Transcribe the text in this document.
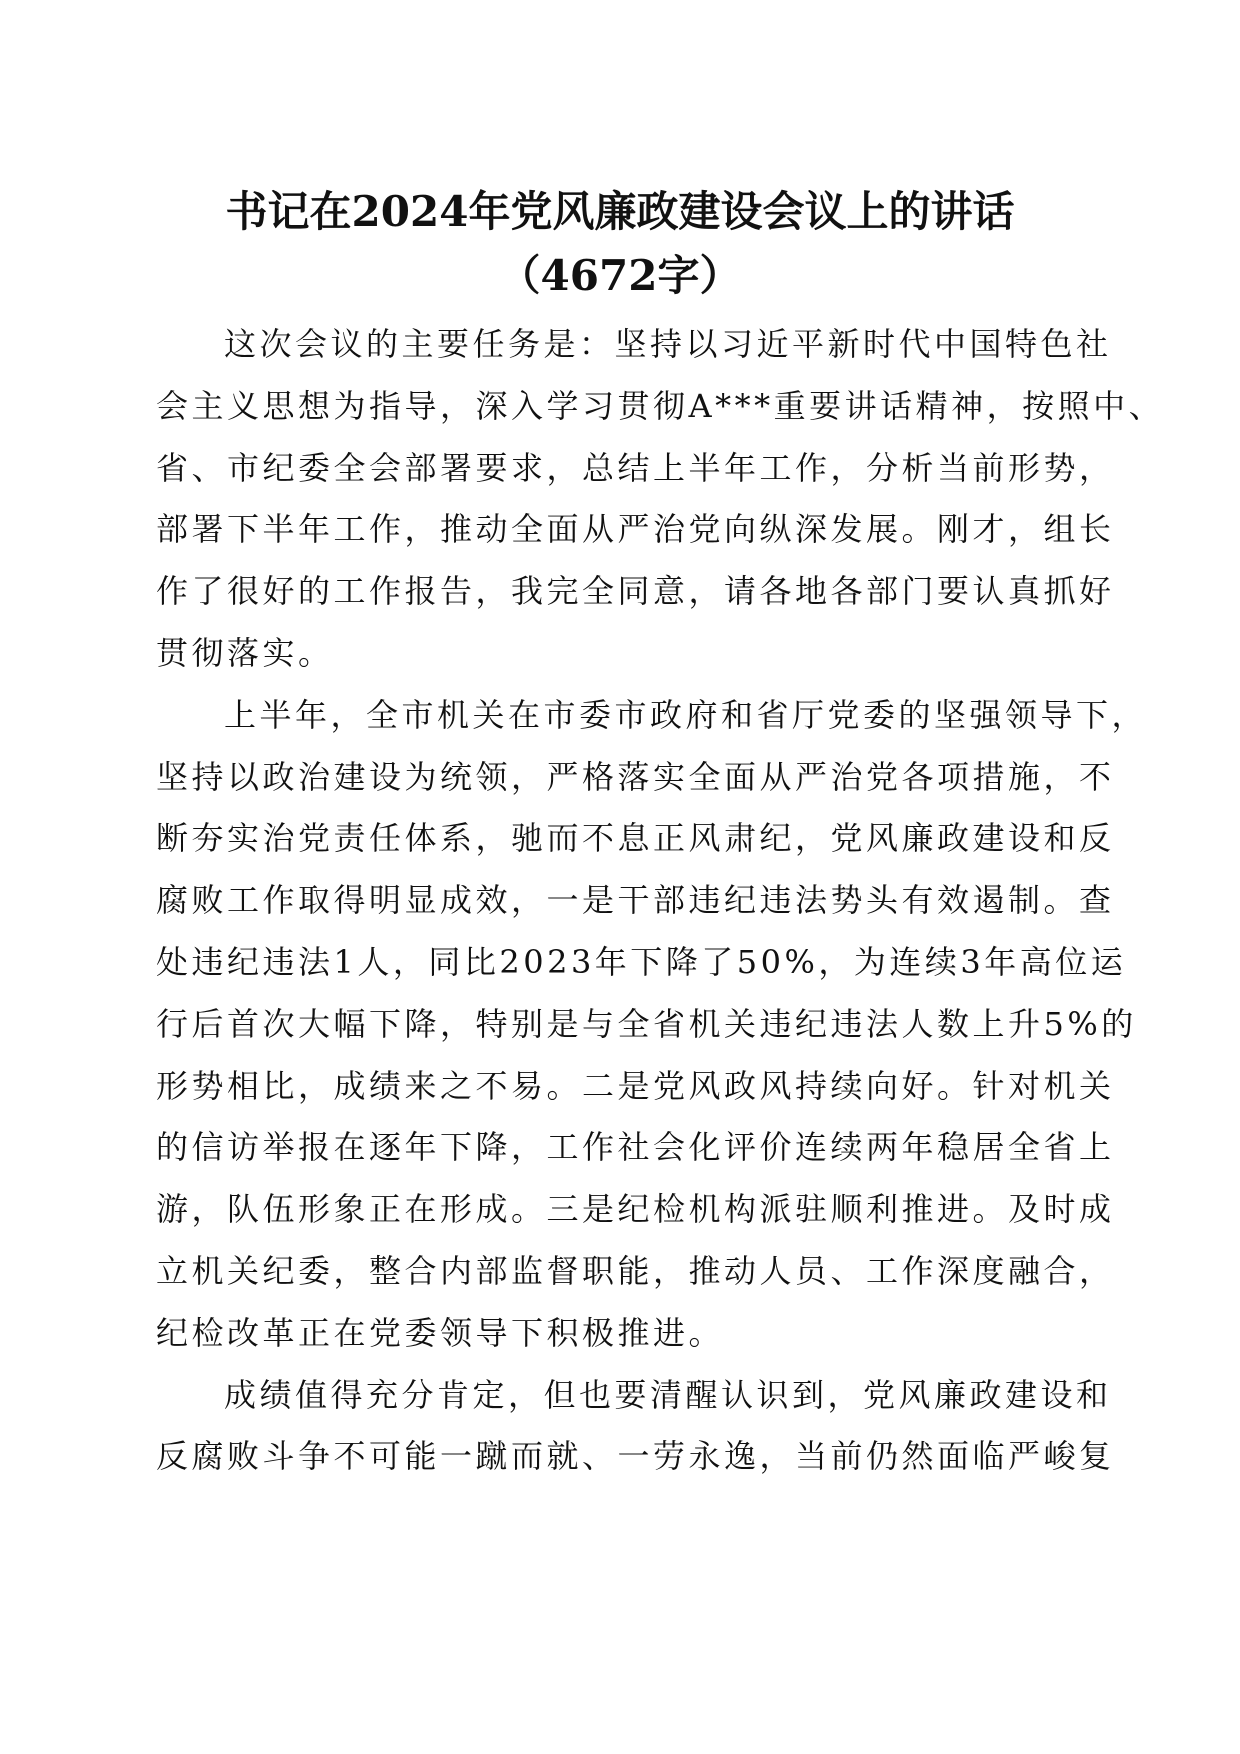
书记在2024年党风廉政建设会议上的讲话
（4672字）

这次会议的主要任务是：坚持以习近平新时代中国特色社
会主义思想为指导，深入学习贯彻A***重要讲话精神，按照中、
省、市纪委全会部署要求，总结上半年工作，分析当前形势，
部署下半年工作，推动全面从严治党向纵深发展。刚才，组长
作了很好的工作报告，我完全同意，请各地各部门要认真抓好
贯彻落实。

上半年，全市机关在市委市政府和省厅党委的坚强领导下，
坚持以政治建设为统领，严格落实全面从严治党各项措施，不
断夯实治党责任体系，驰而不息正风肃纪，党风廉政建设和反
腐败工作取得明显成效，一是干部违纪违法势头有效遏制。查
处违纪违法1人，同比2023年下降了50%，为连续3年高位运
行后首次大幅下降，特别是与全省机关违纪违法人数上升5%的
形势相比，成绩来之不易。二是党风政风持续向好。针对机关
的信访举报在逐年下降，工作社会化评价连续两年稳居全省上
游，队伍形象正在形成。三是纪检机构派驻顺利推进。及时成
立机关纪委，整合内部监督职能，推动人员、工作深度融合，
纪检改革正在党委领导下积极推进。

成绩值得充分肯定，但也要清醒认识到，党风廉政建设和
反腐败斗争不可能一蹴而就、一劳永逸，当前仍然面临严峻复
